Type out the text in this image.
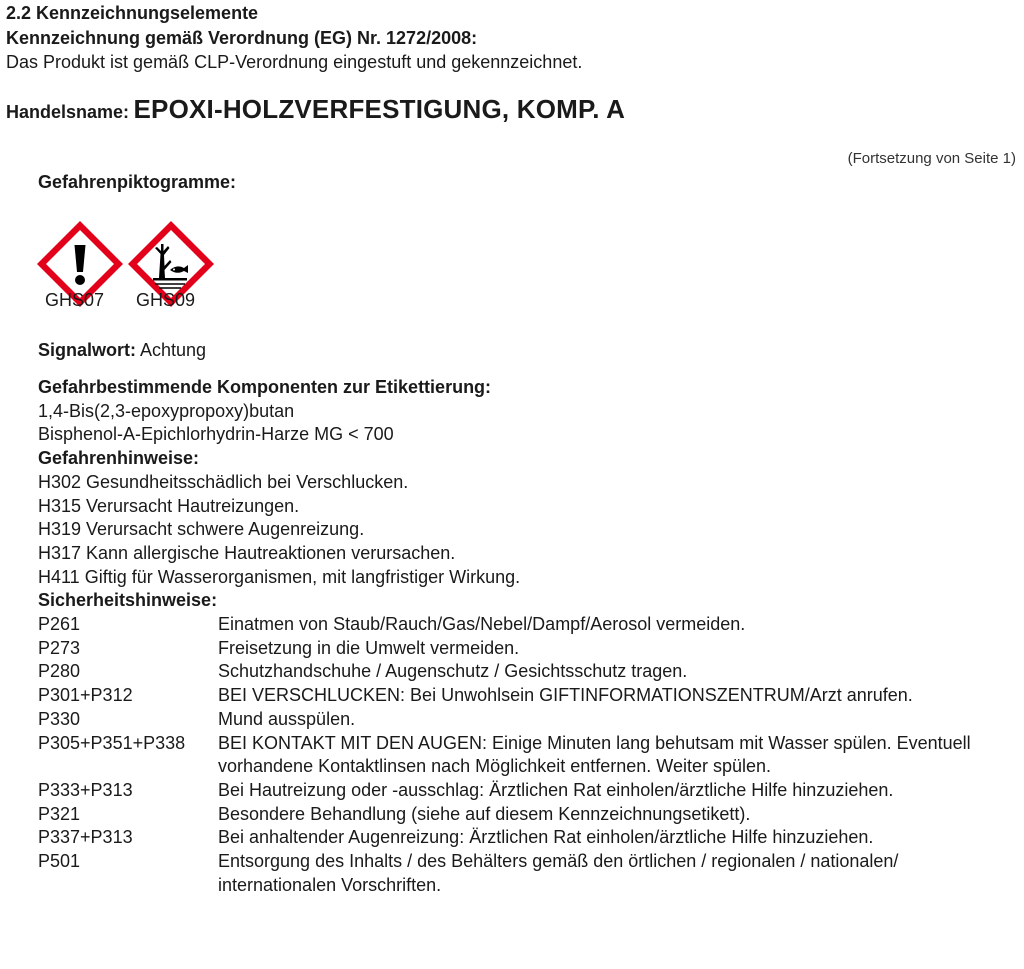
2.2 Kennzeichnungselemente
Kennzeichnung gemäß Verordnung (EG) Nr. 1272/2008:
Das Produkt ist gemäß CLP-Verordnung eingestuft und gekennzeichnet.
Handelsname: EPOXI-HOLZVERFESTIGUNG, KOMP. A
(Fortsetzung von Seite 1)
Gefahrenpiktogramme:
GHS07 GHS09
Signalwort: Achtung
Gefahrbestimmende Komponenten zur Etikettierung:
1,4-Bis(2,3-epoxypropoxy)butan
Bisphenol-A-Epichlorhydrin-Harze MG < 700
Gefahrenhinweise:
H302 Gesundheitsschädlich bei Verschlucken.
H315 Verursacht Hautreizungen.
H319 Verursacht schwere Augenreizung.
H317 Kann allergische Hautreaktionen verursachen.
H411 Giftig für Wasserorganismen, mit langfristiger Wirkung.
Sicherheitshinweise:
P261	Einatmen von Staub/Rauch/Gas/Nebel/Dampf/Aerosol vermeiden.
P273	Freisetzung in die Umwelt vermeiden.
P280	Schutzhandschuhe / Augenschutz / Gesichtsschutz tragen.
P301+P312	BEI VERSCHLUCKEN: Bei Unwohlsein GIFTINFORMATIONSZENTRUM/Arzt anrufen.
P330	Mund ausspülen.
P305+P351+P338	BEI KONTAKT MIT DEN AUGEN: Einige Minuten lang behutsam mit Wasser spülen. Eventuell vorhandene Kontaktlinsen nach Möglichkeit entfernen. Weiter spülen.
P333+P313	Bei Hautreizung oder -ausschlag: Ärztlichen Rat einholen/ärztliche Hilfe hinzuziehen.
P321	Besondere Behandlung (siehe auf diesem Kennzeichnungsetikett).
P337+P313	Bei anhaltender Augenreizung: Ärztlichen Rat einholen/ärztliche Hilfe hinzuziehen.
P501	Entsorgung des Inhalts / des Behälters gemäß den örtlichen / regionalen / nationalen/ internationalen Vorschriften.
